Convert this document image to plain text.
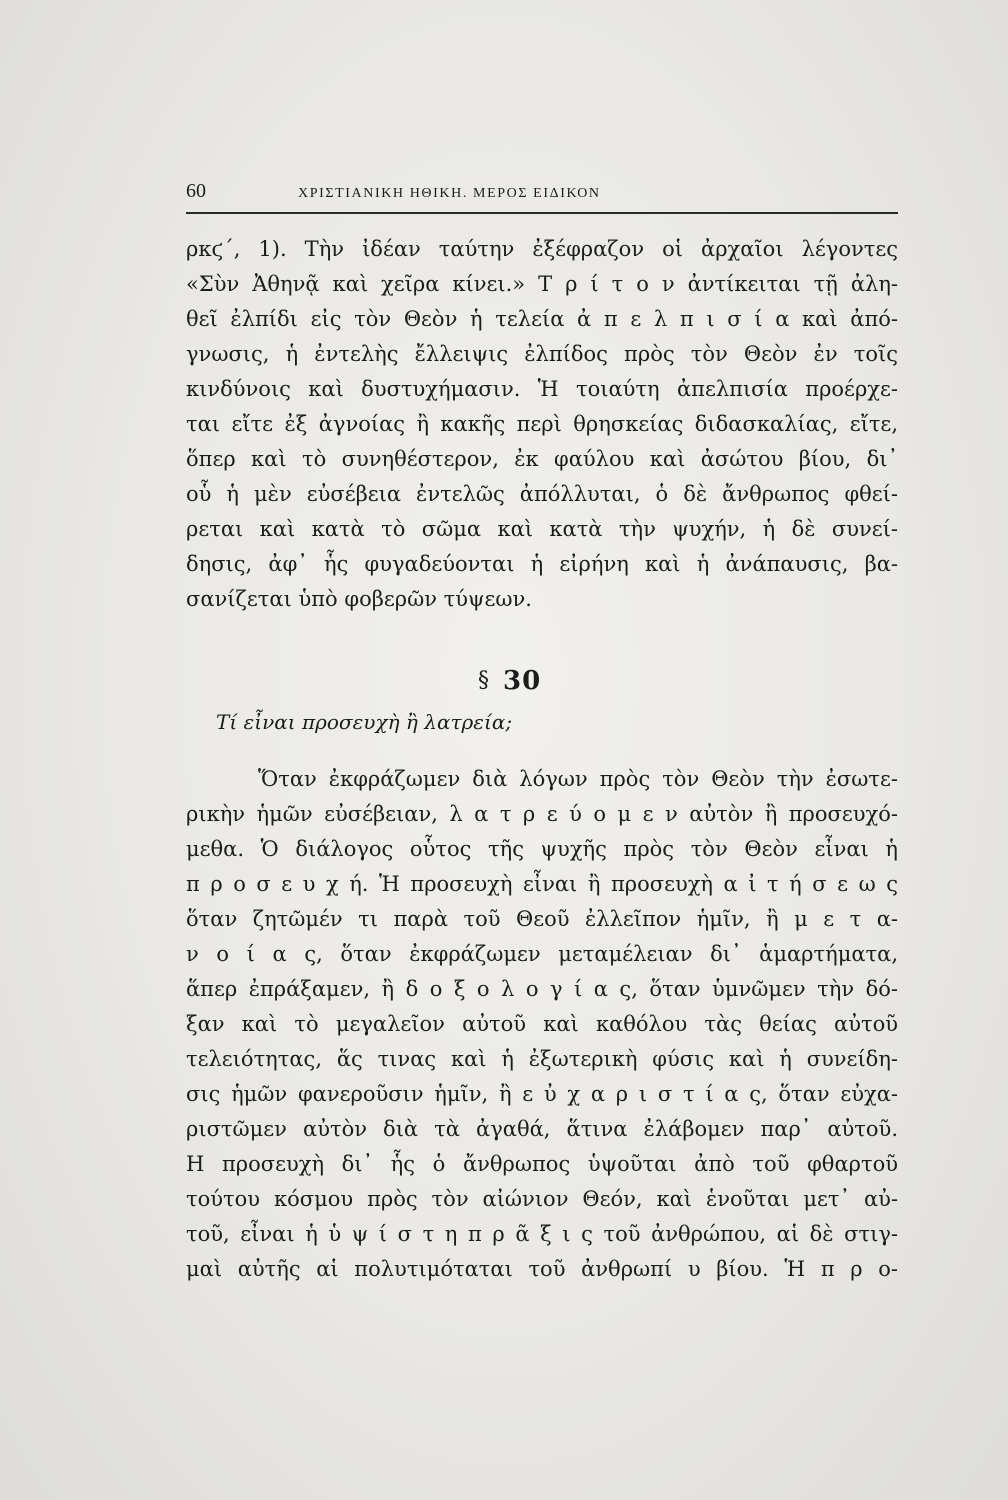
60	ΧΡΙΣΤΙΑΝΙΚΗ ΗΘΙΚΗ. ΜΕΡΟΣ ΕΙΔΙΚΟΝ
ρκϛ΄, 1). Τὴν ἰδέαν ταύτην ἐξέφραζον οἱ ἀρχαῖοι λέγοντες
«Σὺν Ἀθηνᾷ καὶ χεῖρα κίνει.» Τ ρ ί τ ο ν ἀντίκειται τῇ ἀλη-
θεῖ ἐλπίδι εἰς τὸν Θεὸν ἡ τελεία ἀ π ε λ π ι σ ί α καὶ ἀπό-
γνωσις, ἡ ἐντελὴς ἔλλειψις ἐλπίδος πρὸς τὸν Θεὸν ἐν τοῖς
κινδύνοις καὶ δυστυχήμασιν. Ἡ τοιαύτη ἀπελπισία προέρχε-
ται εἴτε ἐξ ἀγνοίας ἢ κακῆς περὶ θρησκείας διδασκαλίας, εἴτε,
ὅπερ καὶ τὸ συνηθέστερον, ἐκ φαύλου καὶ ἀσώτου βίου, δι᾽
οὗ ἡ μὲν εὐσέβεια ἐντελῶς ἀπόλλυται, ὁ δὲ ἄνθρωπος φθεί-
ρεται καὶ κατὰ τὸ σῶμα καὶ κατὰ τὴν ψυχήν, ἡ δὲ συνεί-
δησις, ἀφ᾽ ἧς φυγαδεύονται ἡ εἰρήνη καὶ ἡ ἀνάπαυσις, βα-
σανίζεται ὑπὸ φοβερῶν τύψεων.
§ 30
Τί εἶναι προσευχὴ ἢ λατρεία;
Ὅταν ἐκφράζωμεν διὰ λόγων πρὸς τὸν Θεὸν τὴν ἐσωτε-
ρικὴν ἡμῶν εὐσέβειαν, λ α τ ρ ε ύ ο μ ε ν αὐτὸν ἢ προσευχό-
μεθα. Ὁ διάλογος οὗτος τῆς ψυχῆς πρὸς τὸν Θεὸν εἶναι ἡ
π ρ ο σ ε υ χ ή. Ἡ προσευχὴ εἶναι ἢ προσευχὴ α ἰ τ ή σ ε ω ς
ὅταν ζητῶμέν τι παρὰ τοῦ Θεοῦ ἐλλεῖπον ἡμῖν, ἢ μ ε τ α-
ν ο ί α ς, ὅταν ἐκφράζωμεν μεταμέλειαν δι᾽ ἁμαρτήματα,
ἅπερ ἐπράξαμεν, ἢ δ ο ξ ο λ ο γ ί α ς, ὅταν ὑμνῶμεν τὴν δό-
ξαν καὶ τὸ μεγαλεῖον αὐτοῦ καὶ καθόλου τὰς θείας αὐτοῦ
τελειότητας, ἅς τινας καὶ ἡ ἐξωτερικὴ φύσις καὶ ἡ συνείδη-
σις ἡμῶν φανεροῦσιν ἡμῖν, ἢ ε ὐ χ α ρ ι σ τ ί α ς, ὅταν εὐχα-
ριστῶμεν αὐτὸν διὰ τὰ ἀγαθά, ἅτινα ἐλάβομεν παρ᾽ αὐτοῦ.
Η προσευχὴ δι᾽ ἧς ὁ ἄνθρωπος ὑψοῦται ἀπὸ τοῦ φθαρτοῦ
τούτου κόσμου πρὸς τὸν αἰώνιον Θεόν, καὶ ἑνοῦται μετ᾽ αὐ-
τοῦ, εἶναι ἡ ὑ ψ ί σ τ η π ρ ᾶ ξ ι ς τοῦ ἀνθρώπου, αἱ δὲ στιγ-
μαὶ αὐτῆς αἱ πολυτιμόταται τοῦ ἀνθρωπί υ βίου. Ἡ π ρ ο-
